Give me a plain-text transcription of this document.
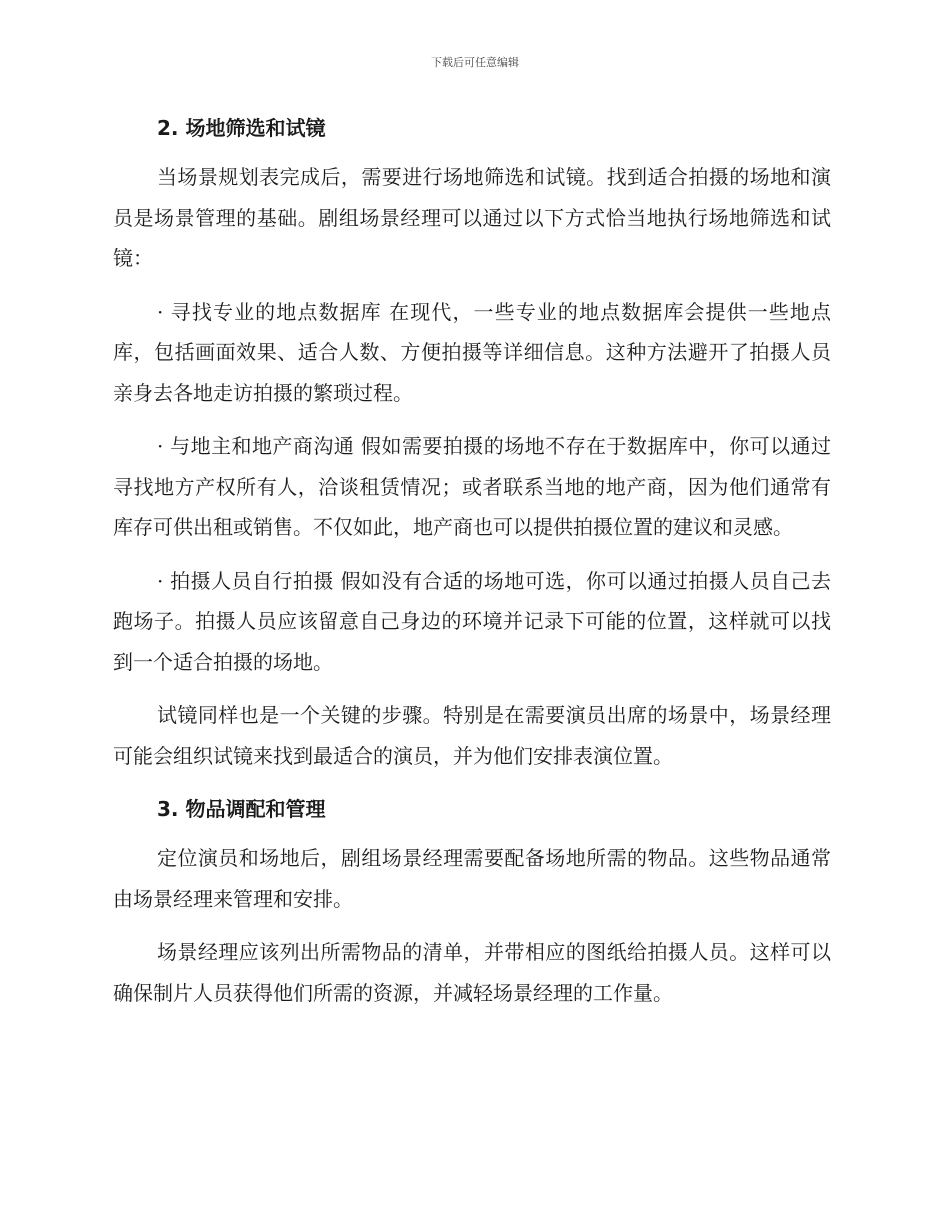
下载后可任意编辑
2. 场地筛选和试镜

当场景规划表完成后，需要进行场地筛选和试镜。找到适合拍摄的场地和演员是场景管理的基础。剧组场景经理可以通过以下方式恰当地执行场地筛选和试镜：

· 寻找专业的地点数据库 在现代，一些专业的地点数据库会提供一些地点库，包括画面效果、适合人数、方便拍摄等详细信息。这种方法避开了拍摄人员亲身去各地走访拍摄的繁琐过程。

· 与地主和地产商沟通 假如需要拍摄的场地不存在于数据库中，你可以通过寻找地方产权所有人，洽谈租赁情况；或者联系当地的地产商，因为他们通常有库存可供出租或销售。不仅如此，地产商也可以提供拍摄位置的建议和灵感。

· 拍摄人员自行拍摄 假如没有合适的场地可选，你可以通过拍摄人员自己去跑场子。拍摄人员应该留意自己身边的环境并记录下可能的位置，这样就可以找到一个适合拍摄的场地。

试镜同样也是一个关键的步骤。特别是在需要演员出席的场景中，场景经理可能会组织试镜来找到最适合的演员，并为他们安排表演位置。

3. 物品调配和管理

定位演员和场地后，剧组场景经理需要配备场地所需的物品。这些物品通常由场景经理来管理和安排。

场景经理应该列出所需物品的清单，并带相应的图纸给拍摄人员。这样可以确保制片人员获得他们所需的资源，并减轻场景经理的工作量。
